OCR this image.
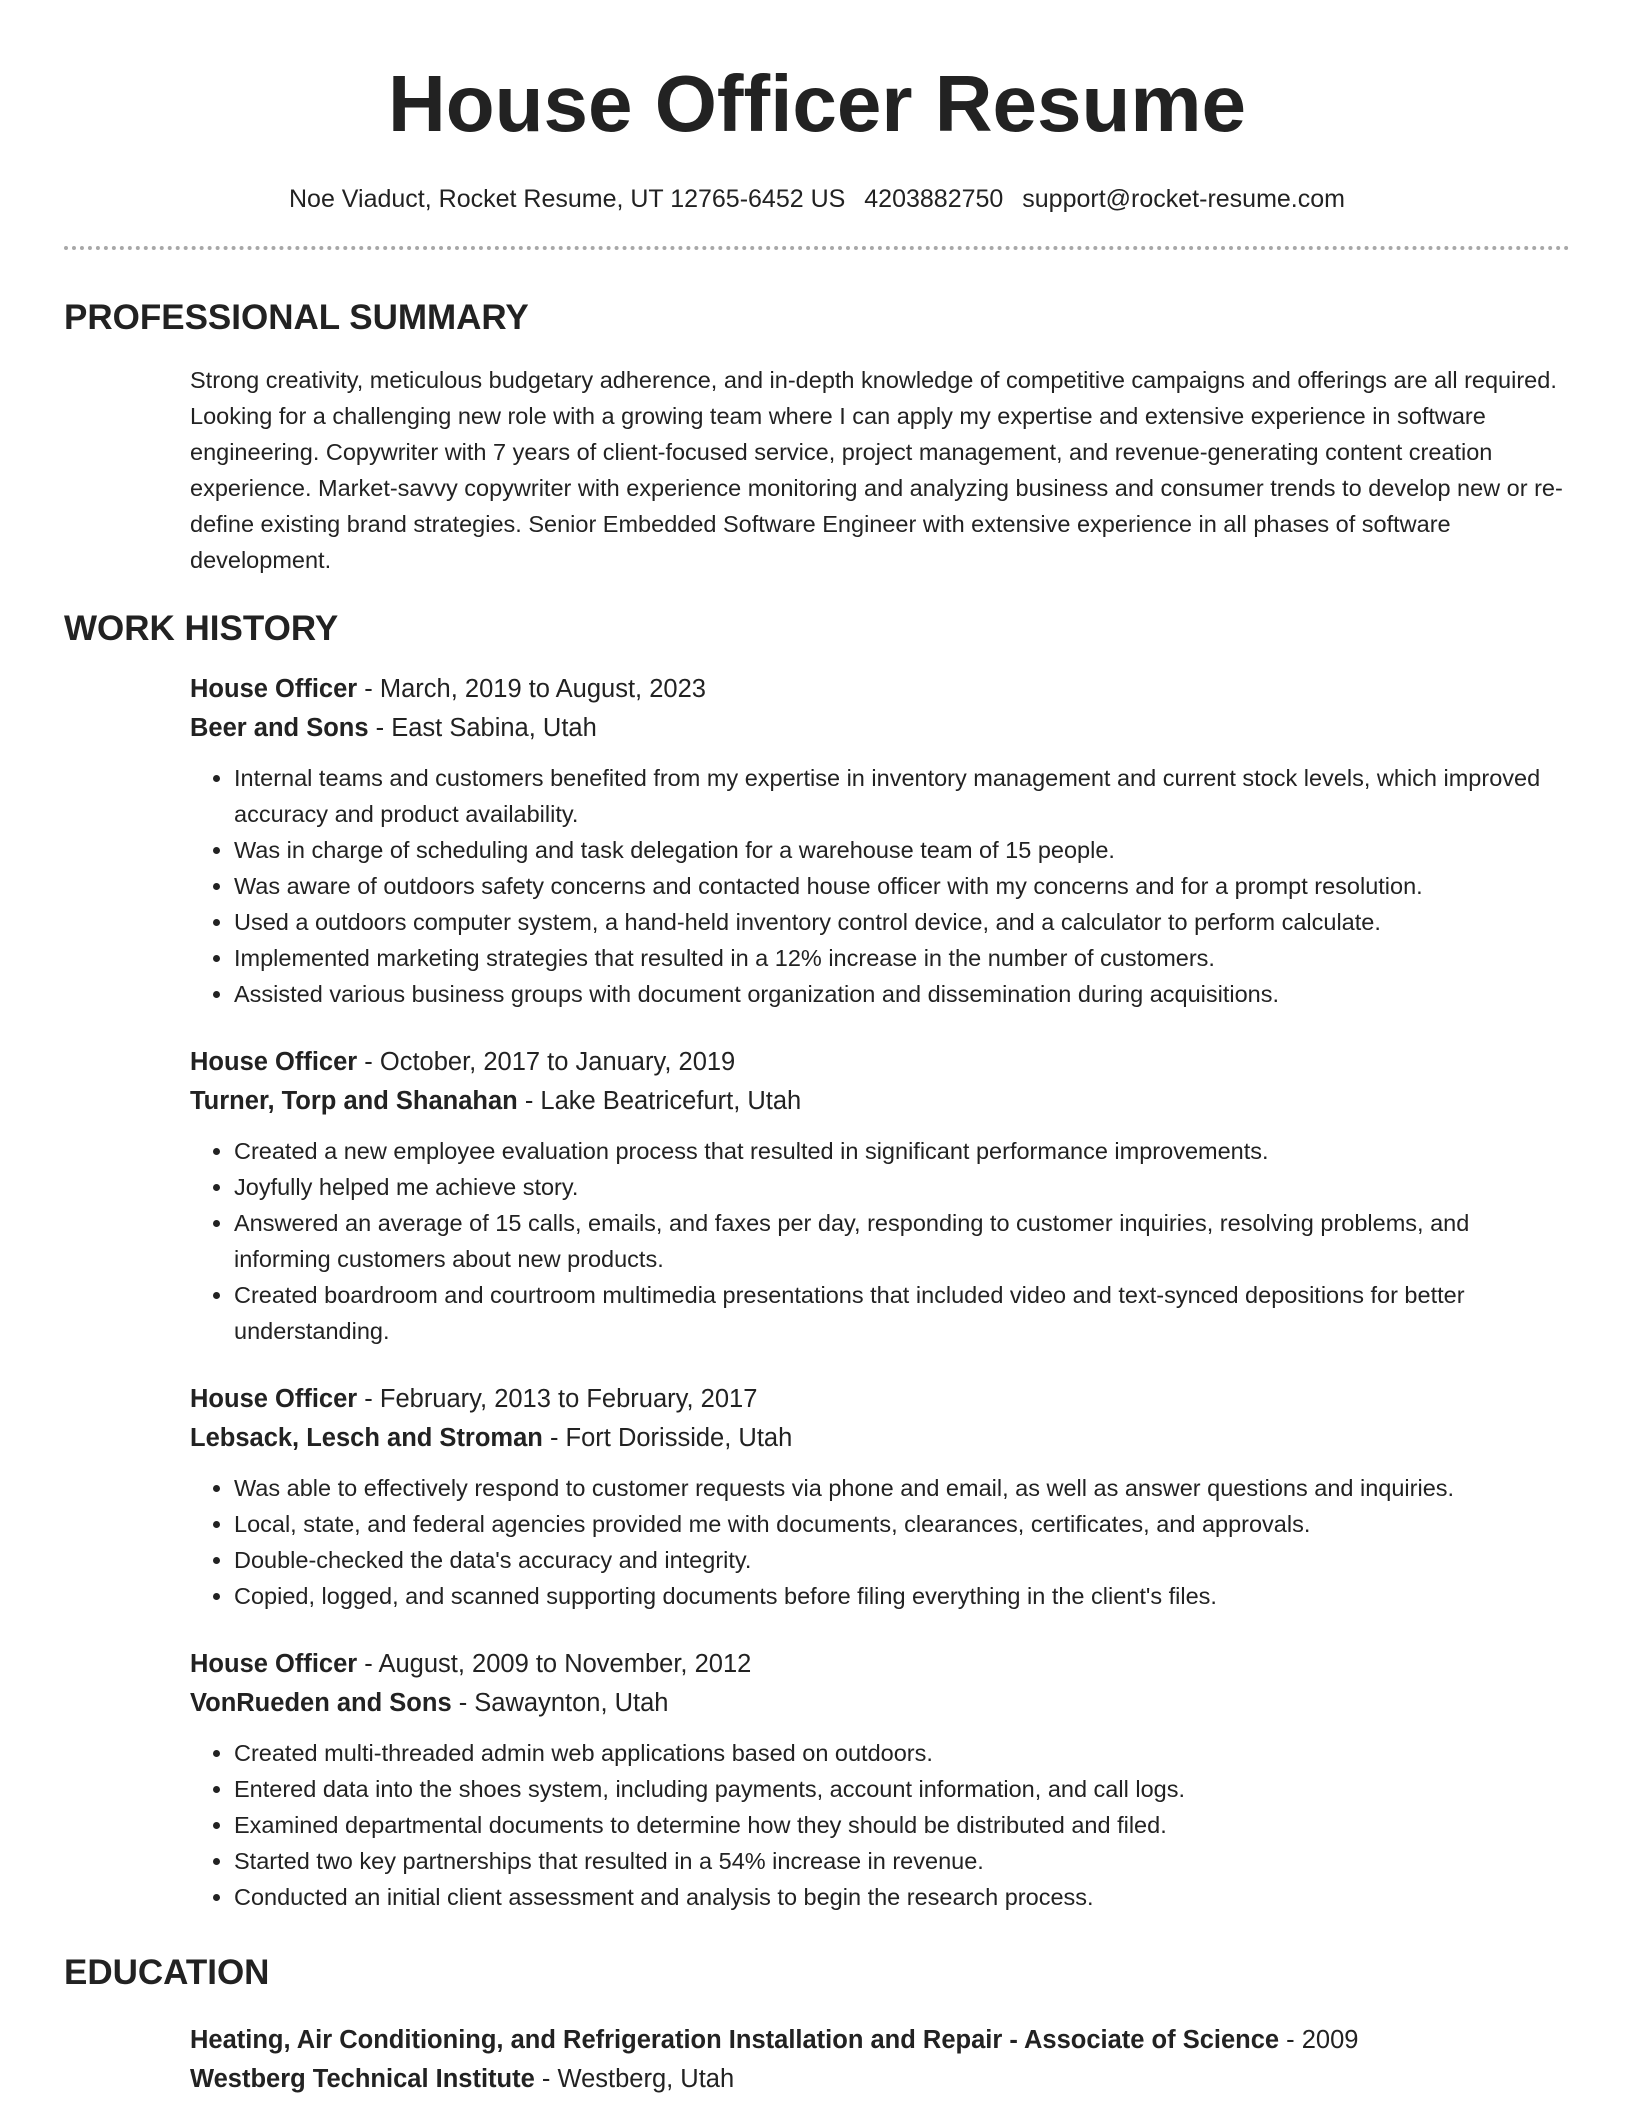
House Officer Resume
Noe Viaduct, Rocket Resume, UT 12765-6452 US 4203882750 support@rocket-resume.com
PROFESSIONAL SUMMARY

Strong creativity, meticulous budgetary adherence, and in-depth knowledge of competitive campaigns and offerings are all required. Looking for a challenging new role with a growing team where I can apply my expertise and extensive experience in software engineering. Copywriter with 7 years of client-focused service, project management, and revenue-generating content creation experience. Market-savvy copywriter with experience monitoring and analyzing business and consumer trends to develop new or re-define existing brand strategies. Senior Embedded Software Engineer with extensive experience in all phases of software development.

WORK HISTORY
House Officer - March, 2019 to August, 2023
Beer and Sons - East Sabina, Utah
• Internal teams and customers benefited from my expertise in inventory management and current stock levels, which improved accuracy and product availability.
• Was in charge of scheduling and task delegation for a warehouse team of 15 people.
• Was aware of outdoors safety concerns and contacted house officer with my concerns and for a prompt resolution.
• Used a outdoors computer system, a hand-held inventory control device, and a calculator to perform calculate.
• Implemented marketing strategies that resulted in a 12% increase in the number of customers.
• Assisted various business groups with document organization and dissemination during acquisitions.
House Officer - October, 2017 to January, 2019
Turner, Torp and Shanahan - Lake Beatricefurt, Utah
• Created a new employee evaluation process that resulted in significant performance improvements.
• Joyfully helped me achieve story.
• Answered an average of 15 calls, emails, and faxes per day, responding to customer inquiries, resolving problems, and informing customers about new products.
• Created boardroom and courtroom multimedia presentations that included video and text-synced depositions for better understanding.
House Officer - February, 2013 to February, 2017
Lebsack, Lesch and Stroman - Fort Dorisside, Utah
• Was able to effectively respond to customer requests via phone and email, as well as answer questions and inquiries.
• Local, state, and federal agencies provided me with documents, clearances, certificates, and approvals.
• Double-checked the data's accuracy and integrity.
• Copied, logged, and scanned supporting documents before filing everything in the client's files.
House Officer - August, 2009 to November, 2012
VonRueden and Sons - Sawaynton, Utah
• Created multi-threaded admin web applications based on outdoors.
• Entered data into the shoes system, including payments, account information, and call logs.
• Examined departmental documents to determine how they should be distributed and filed.
• Started two key partnerships that resulted in a 54% increase in revenue.
• Conducted an initial client assessment and analysis to begin the research process.
EDUCATION
Heating, Air Conditioning, and Refrigeration Installation and Repair - Associate of Science - 2009
Westberg Technical Institute - Westberg, Utah
